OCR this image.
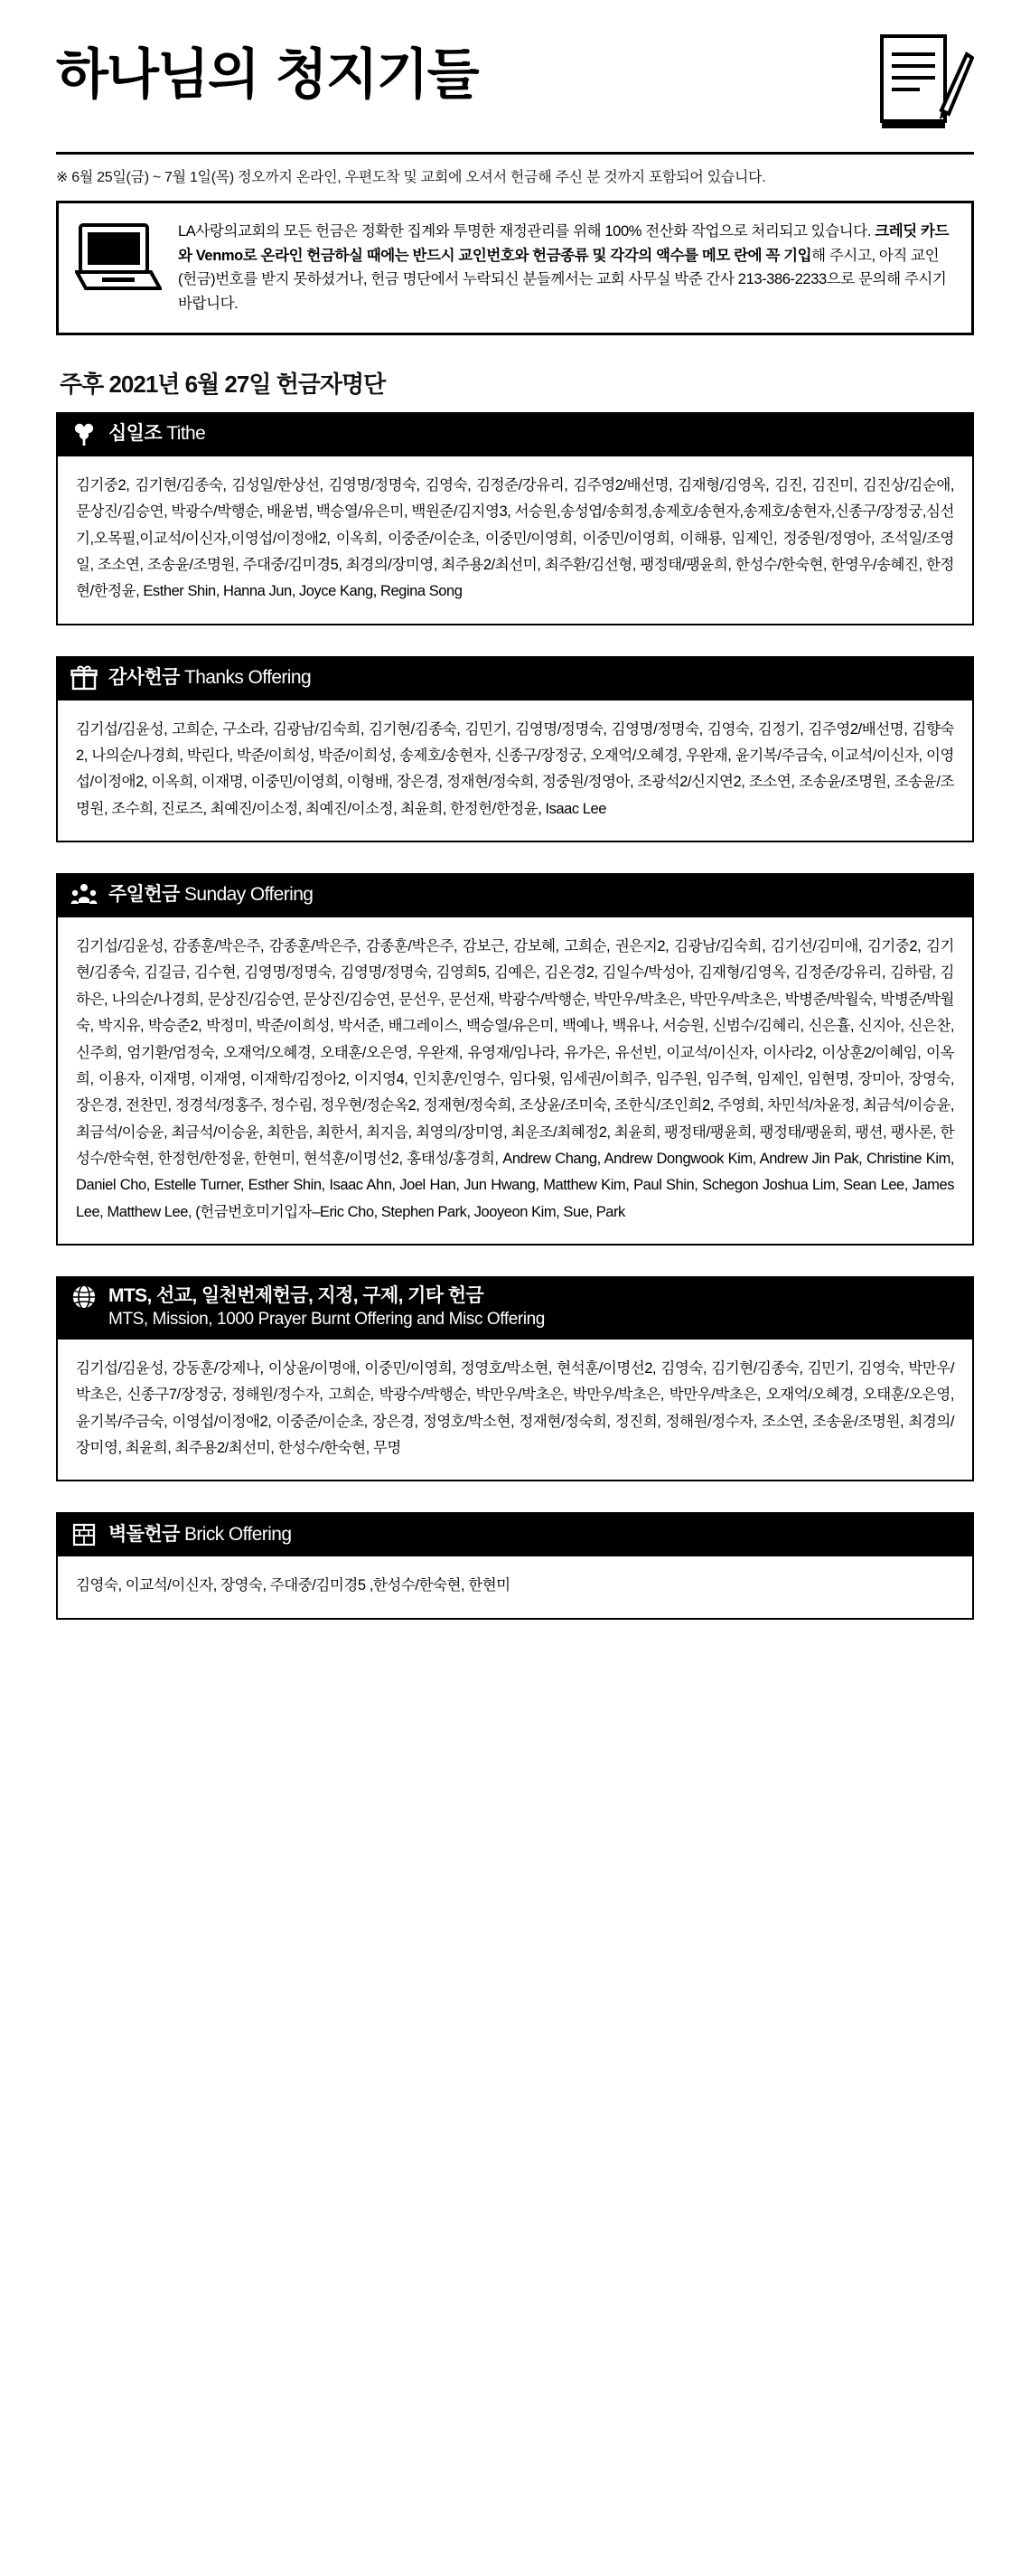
하나님의 청지기들
※ 6월 25일(금) ~ 7월 1일(목) 정오까지 온라인, 우편도착 및 교회에 오셔서 헌금해 주신 분 것까지 포함되어 있습니다.
LA사랑의교회의 모든 헌금은 정확한 집계와 투명한 재정관리를 위해 100% 전산화 작업으로 처리되고 있습니다. 크레딧 카드와 Venmo로 온라인 헌금하실 때에는 반드시 교인번호와 헌금종류 및 각각의 액수를 메모 란에 꼭 기입해 주시고, 아직 교인(헌금)번호를 받지 못하셨거나, 헌금 명단에서 누락되신 분들께서는 교회 사무실 박준 간사 213-386-2233으로 문의해 주시기 바랍니다.
주후 2021년 6월 27일 헌금자명단
십일조 Tithe
김기중2, 김기현/김종숙, 김성일/한상선, 김영명/정명숙, 김영숙, 김정준/강유리, 김주영2/배선명, 김재형/김영옥, 김진, 김진미, 김진상/김순애, 문상진/김승연, 박광수/박행순, 배윤범, 백승열/유은미, 백원준/김지영3, 서승원,송성엽/송희정,송제호/송현자,송제호/송현자,신종구/장정궁,심선기,오목필,이교석/이신자,이영섭/이정애2, 이옥희, 이중준/이순초, 이중민/이영희, 이중민/이영희, 이해룡, 임제인, 정중원/정영아, 조석일/조영일, 조소연, 조송윤/조명원, 주대중/김미경5, 최경의/장미영, 최주용2/최선미, 최주환/김선형, 팽정태/팽윤희, 한성수/한숙현, 한영우/송혜진, 한정현/한정윤, Esther Shin, Hanna Jun, Joyce Kang, Regina Song
감사헌금 Thanks Offering
김기섭/김윤성, 고희순, 구소라, 김광남/김숙희, 김기현/김종숙, 김민기, 김영명/정명숙, 김영명/정명숙, 김영숙, 김정기, 김주영2/배선명, 김향숙2, 나의순/나경희, 박린다, 박준/이희성, 박준/이희성, 송제호/송현자, 신종구/장정궁, 오재억/오혜경, 우완재, 윤기복/주금숙, 이교석/이신자, 이영섭/이정애2, 이옥희, 이재명, 이중민/이영희, 이형배, 장은경, 정재현/정숙희, 정중원/정영아, 조광석2/신지연2, 조소연, 조송윤/조명원, 조송윤/조명원, 조수희, 진로즈, 최예진/이소정, 최예진/이소정, 최윤희, 한정헌/한정윤, Isaac Lee
주일헌금 Sunday Offering
김기섭/김윤성, 감종훈/박은주, 감종훈/박은주, 감종훈/박은주, 감보근, 감보혜, 고희순, 권은지2, 김광남/김숙희, 김기선/김미애, 김기중2, 김기현/김종숙, 김길금, 김수현, 김영명/정명숙, 김영명/정명숙, 김영희5, 김예은, 김온경2, 김일수/박성아, 김재형/김영옥, 김정준/강유리, 김하람, 김하은, 나의순/나경희, 문상진/김승연, 문상진/김승연, 문선우, 문선재, 박광수/박행순, 박만우/박초은, 박만우/박초은, 박병준/박월숙, 박병준/박월숙, 박지유, 박승준2, 박정미, 박준/이희성, 박서준, 배그레이스, 백승열/유은미, 백예나, 백유나, 서승원, 신범수/김혜리, 신은휼, 신지아, 신은찬, 신주희, 엄기환/엄정숙, 오재억/오혜경, 오태훈/오은영, 우완재, 유영재/임나라, 유가은, 유선빈, 이교석/이신자, 이사라2, 이상훈2/이혜임, 이옥희, 이용자, 이재명, 이재영, 이재학/김정아2, 이지영4, 인치훈/인영수, 임다윗, 임세권/이희주, 임주원, 임주혁, 임제인, 임현명, 장미아, 장영숙, 장은경, 전찬민, 정경석/정홍주, 정수림, 정우현/정순옥2, 정재현/정숙희, 조상윤/조미숙, 조한식/조인희2, 주영희, 차민석/차윤정, 최금석/이승윤, 최금석/이승윤, 최금석/이승윤, 최한음, 최한서, 최지음, 최영의/장미영, 최운조/최혜정2, 최윤희, 팽정태/팽윤희, 팽정태/팽윤희, 팽션, 팽사론, 한성수/한숙현, 한정헌/한정윤, 한현미, 현석훈/이명선2, 홍태성/홍경희, Andrew Chang, Andrew Dongwook Kim, Andrew Jin Pak, Christine Kim, Daniel Cho, Estelle Turner, Esther Shin, Isaac Ahn, Joel Han, Jun Hwang, Matthew Kim, Paul Shin, Schegon Joshua Lim, Sean Lee, James Lee, Matthew Lee, (헌금번호미기입자–Eric Cho, Stephen Park, Jooyeon Kim, Sue, Park
MTS, 선교, 일천번제헌금, 지정, 구제, 기타 헌금
MTS, Mission, 1000 Prayer Burnt Offering and Misc Offering
김기섭/김윤성, 강동훈/강제나, 이상윤/이명애, 이중민/이영희, 정영호/박소현, 현석훈/이명선2, 김영숙, 김기현/김종숙, 김민기, 김영숙, 박만우/박초은, 신종구7/장정궁, 정해원/정수자, 고희순, 박광수/박행순, 박만우/박초은, 박만우/박초은, 박만우/박초은, 오재억/오혜경, 오태훈/오은영, 윤기복/주금숙, 이영섭/이정애2, 이중준/이순초, 장은경, 정영호/박소현, 정재현/정숙희, 정진희, 정해원/정수자, 조소연, 조송윤/조명원, 최경의/장미영, 최윤희, 최주용2/최선미, 한성수/한숙현, 무명
벽돌헌금 Brick Offering
김영숙, 이교석/이신자, 장영숙, 주대중/김미경5 ,한성수/한숙현, 한현미
